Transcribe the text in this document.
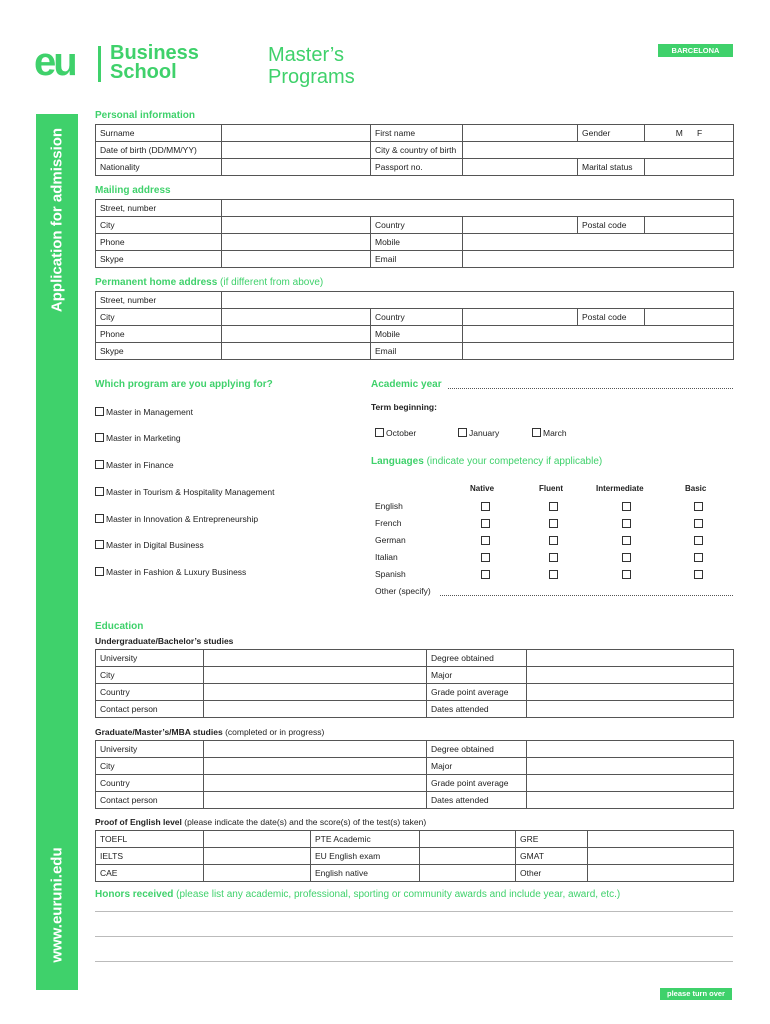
eu Business
School
Master’s
Programs
BARCELONA
Application for admission
www.euruni.edu
Personal information
Surname		First name		Gender	M F
Date of birth (DD/MM/YY)		City & country of birth			
Nationality		Passport no.		Marital status	
Mailing address
Street, number					
City		Country		Postal code	
Phone		Mobile			
Skype		Email			
Permanent home address (if different from above)
Street, number					
City		Country		Postal code	
Phone		Mobile			
Skype		Email			
Which program are you applying for?
Master in Management
Master in Marketing
Master in Finance
Master in Tourism & Hospitality Management
Master in Innovation & Entrepreneurship
Master in Digital Business
Master in Fashion & Luxury Business
Academic year
Term beginning:
October	January	March
Languages (indicate your competency if applicable)
Native	Fluent	Intermediate	Basic
English
French
German
Italian
Spanish
Other (specify)
Education
Undergraduate/Bachelor’s studies
University		Degree obtained	
City		Major	
Country		Grade point average	
Contact person		Dates attended	
Graduate/Master’s/MBA studies (completed or in progress)
University		Degree obtained	
City		Major	
Country		Grade point average	
Contact person		Dates attended	
Proof of English level (please indicate the date(s) and the score(s) of the test(s) taken)
TOEFL		PTE Academic		GRE	
IELTS		EU English exam		GMAT	
CAE		English native		Other	
Honors received (please list any academic, professional, sporting or community awards and include year, award, etc.)
please turn over
